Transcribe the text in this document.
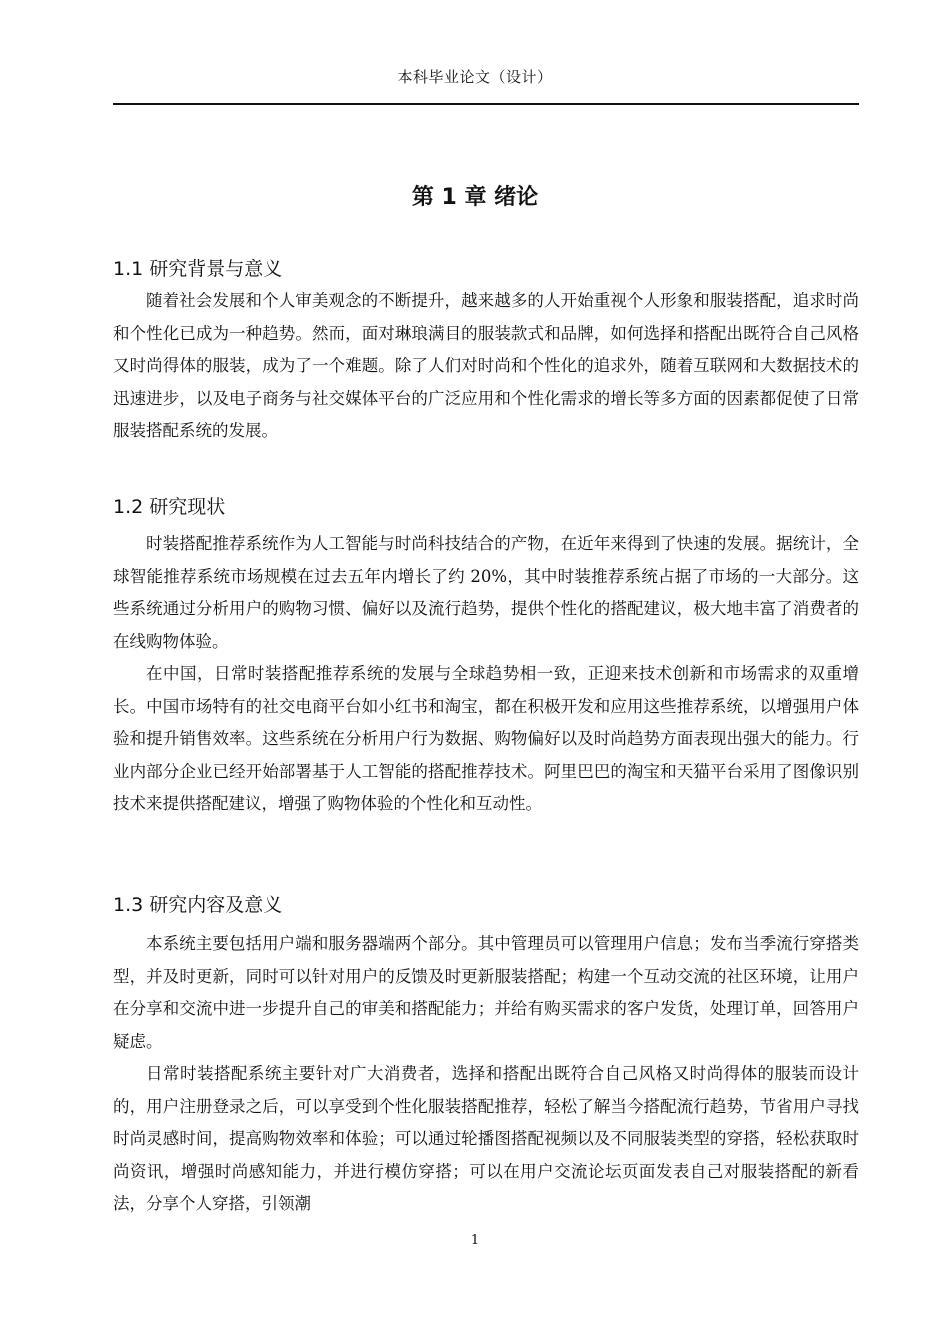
本科毕业论文（设计）
第 1 章 绪论
1.1 研究背景与意义

随着社会发展和个人审美观念的不断提升，越来越多的人开始重视个人形象和服装搭配，追求时尚和个性化已成为一种趋势。然而，面对琳琅满目的服装款式和品牌，如何选择和搭配出既符合自己风格又时尚得体的服装，成为了一个难题。除了人们对时尚和个性化的追求外，随着互联网和大数据技术的迅速进步，以及电子商务与社交媒体平台的广泛应用和个性化需求的增长等多方面的因素都促使了日常服装搭配系统的发展。

1.2 研究现状

时装搭配推荐系统作为人工智能与时尚科技结合的产物，在近年来得到了快速的发展。据统计，全球智能推荐系统市场规模在过去五年内增长了约 20%，其中时装推荐系统占据了市场的一大部分。这些系统通过分析用户的购物习惯、偏好以及流行趋势，提供个性化的搭配建议，极大地丰富了消费者的在线购物体验。

在中国，日常时装搭配推荐系统的发展与全球趋势相一致，正迎来技术创新和市场需求的双重增长。中国市场特有的社交电商平台如小红书和淘宝，都在积极开发和应用这些推荐系统，以增强用户体验和提升销售效率。这些系统在分析用户行为数据、购物偏好以及时尚趋势方面表现出强大的能力。行业内部分企业已经开始部署基于人工智能的搭配推荐技术。阿里巴巴的淘宝和天猫平台采用了图像识别技术来提供搭配建议，增强了购物体验的个性化和互动性。

1.3 研究内容及意义

本系统主要包括用户端和服务器端两个部分。其中管理员可以管理用户信息；发布当季流行穿搭类型，并及时更新，同时可以针对用户的反馈及时更新服装搭配；构建一个互动交流的社区环境，让用户在分享和交流中进一步提升自己的审美和搭配能力；并给有购买需求的客户发货，处理订单，回答用户疑虑。

日常时装搭配系统主要针对广大消费者，选择和搭配出既符合自己风格又时尚得体的服装而设计的，用户注册登录之后，可以享受到个性化服装搭配推荐，轻松了解当今搭配流行趋势，节省用户寻找时尚灵感时间，提高购物效率和体验；可以通过轮播图搭配视频以及不同服装类型的穿搭，轻松获取时尚资讯，增强时尚感知能力，并进行模仿穿搭；可以在用户交流论坛页面发表自己对服装搭配的新看法，分享个人穿搭，引领潮

1
